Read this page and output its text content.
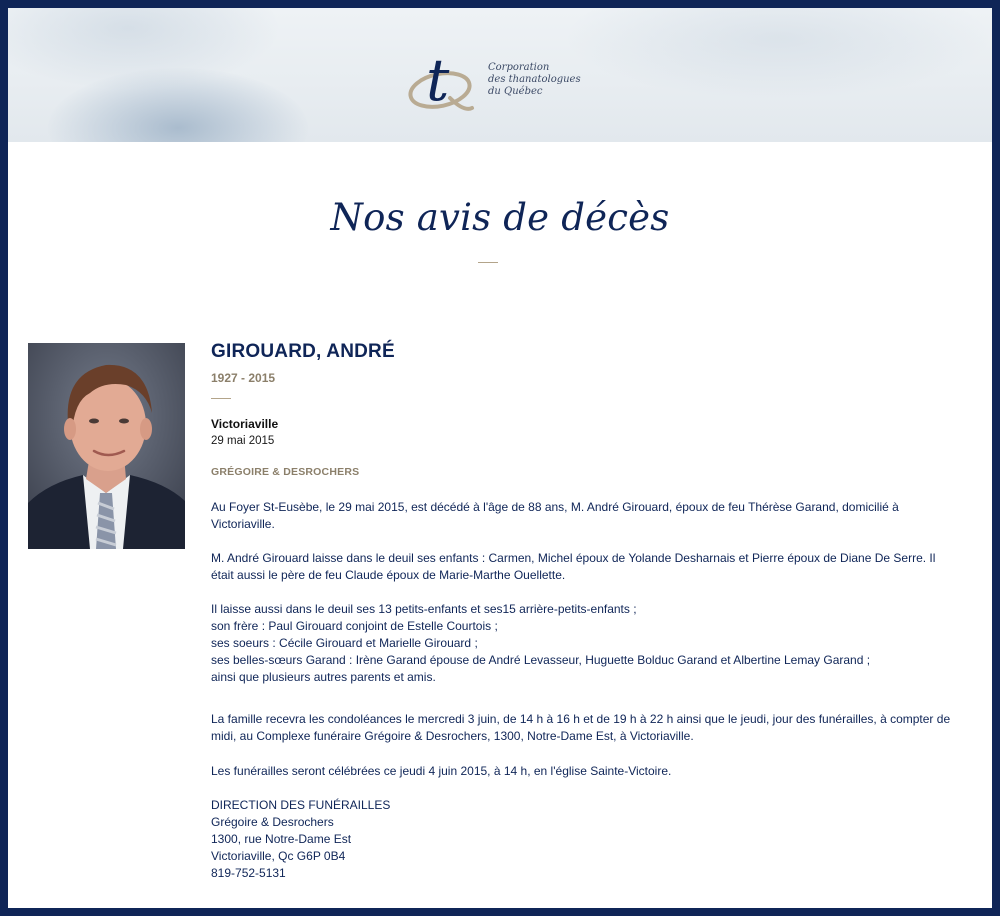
t	Corporation
des thanatologues
du Québec
Nos avis de décès
GIROUARD, ANDRÉ
1927 - 2015
Victoriaville
29 mai 2015
GRÉGOIRE & DESROCHERS
Au Foyer St-Eusèbe, le 29 mai 2015, est décédé à l'âge de 88 ans, M. André Girouard, époux de feu Thérèse Garand, domicilié à
Victoriaville.
M. André Girouard laisse dans le deuil ses enfants : Carmen, Michel époux de Yolande Desharnais et Pierre époux de Diane De Serre. Il
était aussi le père de feu Claude époux de Marie-Marthe Ouellette.
Il laisse aussi dans le deuil ses 13 petits-enfants et ses15 arrière-petits-enfants ;
son frère : Paul Girouard conjoint de Estelle Courtois ;
ses soeurs : Cécile Girouard et Marielle Girouard ;
ses belles-sœurs Garand : Irène Garand épouse de André Levasseur, Huguette Bolduc Garand et Albertine Lemay Garand ;
ainsi que plusieurs autres parents et amis.
La famille recevra les condoléances le mercredi 3 juin, de 14 h à 16 h et de 19 h à 22 h ainsi que le jeudi, jour des funérailles, à compter de
midi, au Complexe funéraire Grégoire & Desrochers, 1300, Notre-Dame Est, à Victoriaville.
Les funérailles seront célébrées ce jeudi 4 juin 2015, à 14 h, en l'église Sainte-Victoire.
DIRECTION DES FUNÉRAILLES
Grégoire & Desrochers
1300, rue Notre-Dame Est
Victoriaville, Qc G6P 0B4
819-752-5131
